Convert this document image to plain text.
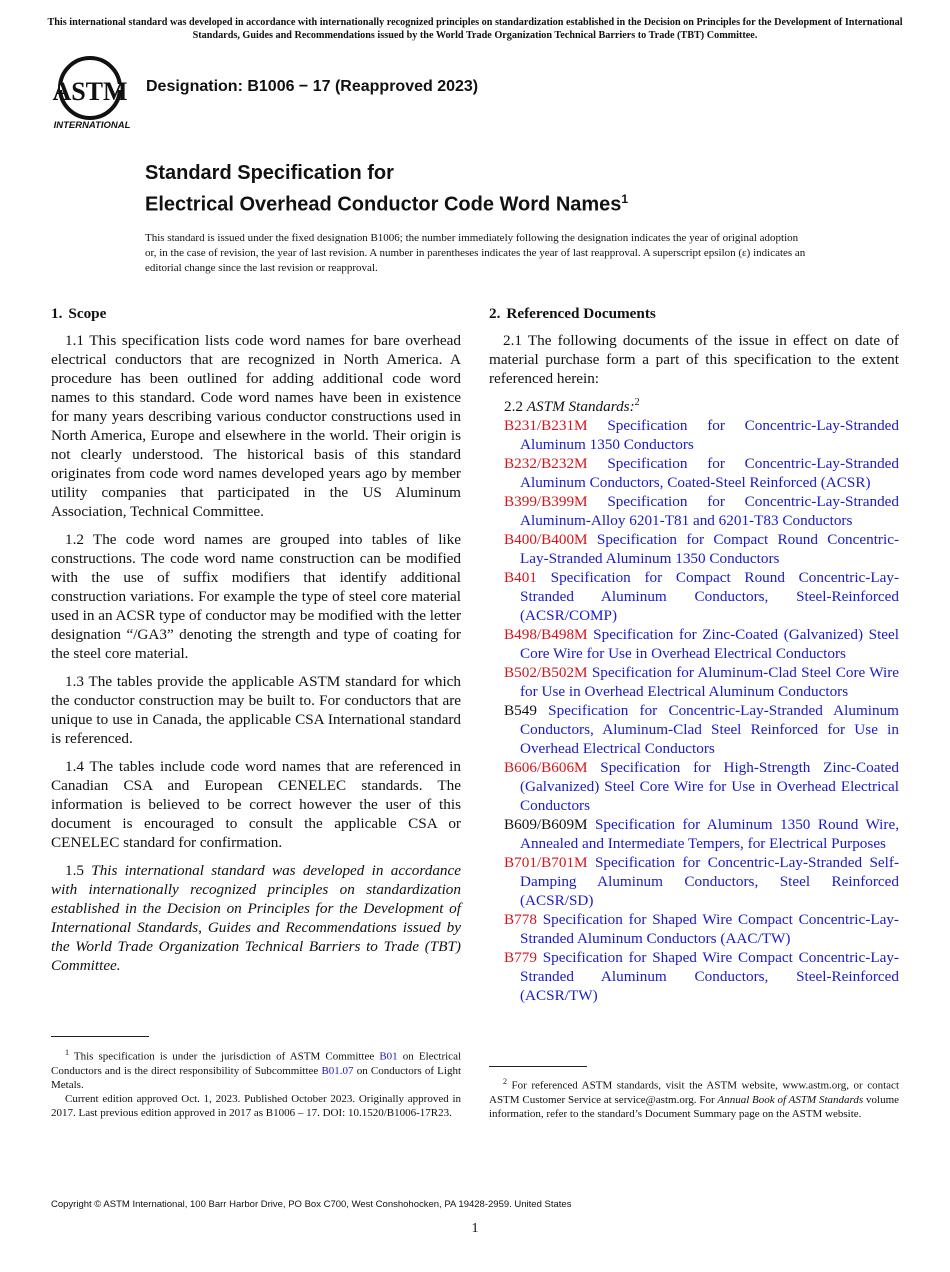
This international standard was developed in accordance with internationally recognized principles on standardization established in the Decision on Principles for the Development of International Standards, Guides and Recommendations issued by the World Trade Organization Technical Barriers to Trade (TBT) Committee.
ASTM
INTERNATIONAL
Designation: B1006 − 17 (Reapproved 2023)
Standard Specification for
Electrical Overhead Conductor Code Word Names$^1$
This standard is issued under the fixed designation B1006; the number immediately following the designation indicates the year of original adoption or, in the case of revision, the year of last revision. A number in parentheses indicates the year of last reapproval. A superscript epsilon (ε) indicates an editorial change since the last revision or reapproval.
1. Scope

1.1 This specification lists code word names for bare overhead electrical conductors that are recognized in North America. A procedure has been outlined for adding additional code word names to this standard. Code word names have been in existence for many years describing various conductor constructions used in North America, Europe and elsewhere in the world. Their origin is not clearly understood. The historical basis of this standard originates from code word names developed years ago by member utility companies that participated in the US Aluminum Association, Technical Committee.

1.2 The code word names are grouped into tables of like constructions. The code word name construction can be modified with the use of suffix modifiers that identify additional construction variations. For example the type of steel core material used in an ACSR type of conductor may be modified with the letter designation “/GA3” denoting the strength and type of coating for the steel core material.

1.3 The tables provide the applicable ASTM standard for which the conductor construction may be built to. For conductors that are unique to use in Canada, the applicable CSA International standard is referenced.

1.4 The tables include code word names that are referenced in Canadian CSA and European CENELEC standards. The information is believed to be correct however the user of this document is encouraged to consult the applicable CSA or CENELEC standard for confirmation.

1.5 This international standard was developed in accordance with internationally recognized principles on standardization established in the Decision on Principles for the Development of International Standards, Guides and Recommendations issued by the World Trade Organization Technical Barriers to Trade (TBT) Committee.

2. Referenced Documents

2.1 The following documents of the issue in effect on date of material purchase form a part of this specification to the extent referenced herein:

2.2 ASTM Standards:$^2$
B231/B231M Specification for Concentric-Lay-Stranded Aluminum 1350 Conductors
B232/B232M Specification for Concentric-Lay-Stranded Aluminum Conductors, Coated-Steel Reinforced (ACSR)
B399/B399M Specification for Concentric-Lay-Stranded Aluminum-Alloy 6201-T81 and 6201-T83 Conductors
B400/B400M Specification for Compact Round Concentric-Lay-Stranded Aluminum 1350 Conductors
B401 Specification for Compact Round Concentric-Lay-Stranded Aluminum Conductors, Steel-Reinforced (ACSR/COMP)
B498/B498M Specification for Zinc-Coated (Galvanized) Steel Core Wire for Use in Overhead Electrical Conductors
B502/B502M Specification for Aluminum-Clad Steel Core Wire for Use in Overhead Electrical Aluminum Conductors
B549 Specification for Concentric-Lay-Stranded Aluminum Conductors, Aluminum-Clad Steel Reinforced for Use in Overhead Electrical Conductors
B606/B606M Specification for High-Strength Zinc-Coated (Galvanized) Steel Core Wire for Use in Overhead Electrical Conductors
B609/B609M Specification for Aluminum 1350 Round Wire, Annealed and Intermediate Tempers, for Electrical Purposes
B701/B701M Specification for Concentric-Lay-Stranded Self-Damping Aluminum Conductors, Steel Reinforced (ACSR/SD)
B778 Specification for Shaped Wire Compact Concentric-Lay-Stranded Aluminum Conductors (AAC/TW)
B779 Specification for Shaped Wire Compact Concentric-Lay-Stranded Aluminum Conductors, Steel-Reinforced (ACSR/TW)

$^1$ This specification is under the jurisdiction of ASTM Committee B01 on Electrical Conductors and is the direct responsibility of Subcommittee B01.07 on Conductors of Light Metals.

Current edition approved Oct. 1, 2023. Published October 2023. Originally approved in 2017. Last previous edition approved in 2017 as B1006 – 17. DOI: 10.1520/B1006-17R23.

$^2$ For referenced ASTM standards, visit the ASTM website, www.astm.org, or contact ASTM Customer Service at service@astm.org. For Annual Book of ASTM Standards volume information, refer to the standard’s Document Summary page on the ASTM website.

Copyright © ASTM International, 100 Barr Harbor Drive, PO Box C700, West Conshohocken, PA 19428-2959. United States
1
